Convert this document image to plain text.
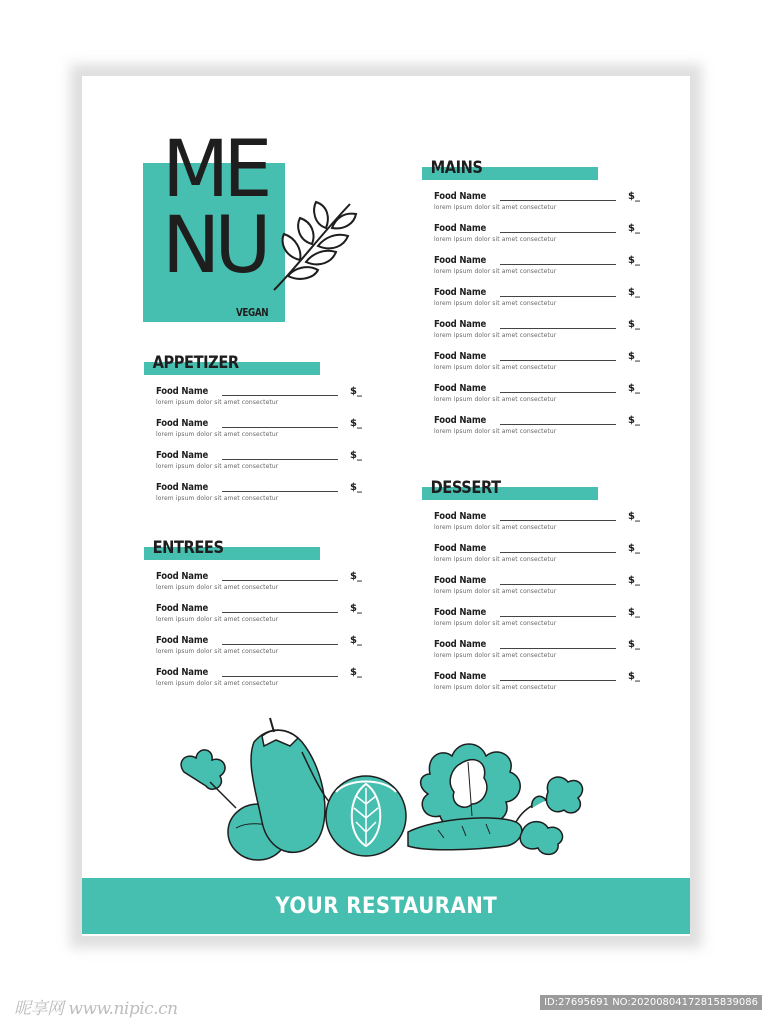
ME
NU
VEGAN
APPETIZER
Food Name	$_
lorem ipsum dolor sit amet consectetur
Food Name	$_
lorem ipsum dolor sit amet consectetur
Food Name	$_
lorem ipsum dolor sit amet consectetur
Food Name	$_
lorem ipsum dolor sit amet consectetur
ENTREES
Food Name	$_
lorem ipsum dolor sit amet consectetur
Food Name	$_
lorem ipsum dolor sit amet consectetur
Food Name	$_
lorem ipsum dolor sit amet consectetur
Food Name	$_
lorem ipsum dolor sit amet consectetur
MAINS
Food Name	$_
lorem ipsum dolor sit amet consectetur
Food Name	$_
lorem ipsum dolor sit amet consectetur
Food Name	$_
lorem ipsum dolor sit amet consectetur
Food Name	$_
lorem ipsum dolor sit amet consectetur
Food Name	$_
lorem ipsum dolor sit amet consectetur
Food Name	$_
lorem ipsum dolor sit amet consectetur
Food Name	$_
lorem ipsum dolor sit amet consectetur
Food Name	$_
lorem ipsum dolor sit amet consectetur
DESSERT
Food Name	$_
lorem ipsum dolor sit amet consectetur
Food Name	$_
lorem ipsum dolor sit amet consectetur
Food Name	$_
lorem ipsum dolor sit amet consectetur
Food Name	$_
lorem ipsum dolor sit amet consectetur
Food Name	$_
lorem ipsum dolor sit amet consectetur
Food Name	$_
lorem ipsum dolor sit amet consectetur
YOUR RESTAURANT
昵享网 www.nipic.cn	ID:27695691 NO:20200804172815839086
